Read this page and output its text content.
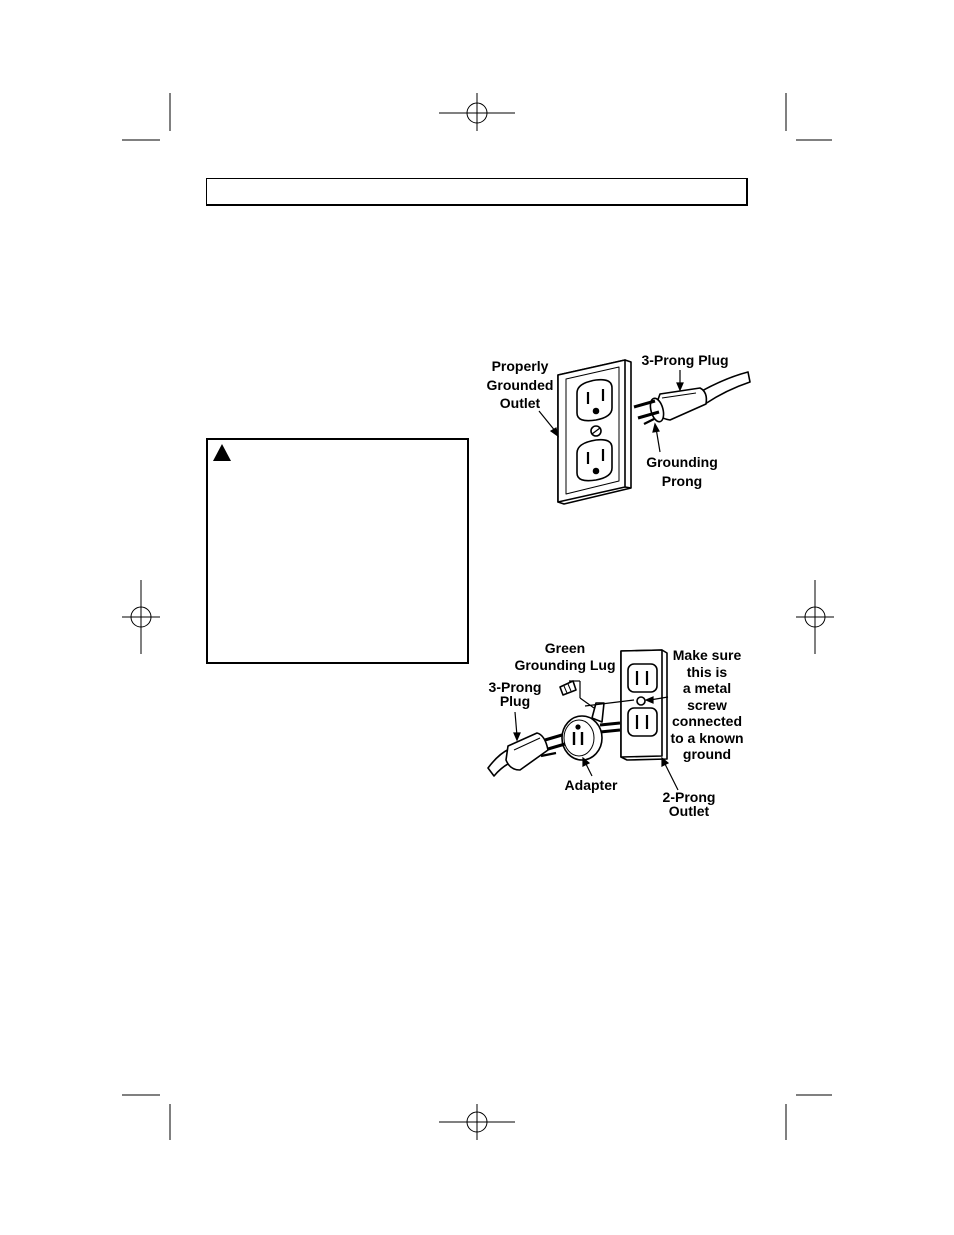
Properly
Grounded
Outlet
3-Prong Plug
Grounding
Prong
Green
Grounding Lug
Make sure
this is
a metal
screw
connected
to a known
ground
3-Prong
Plug
Adapter
2-Prong
Outlet
